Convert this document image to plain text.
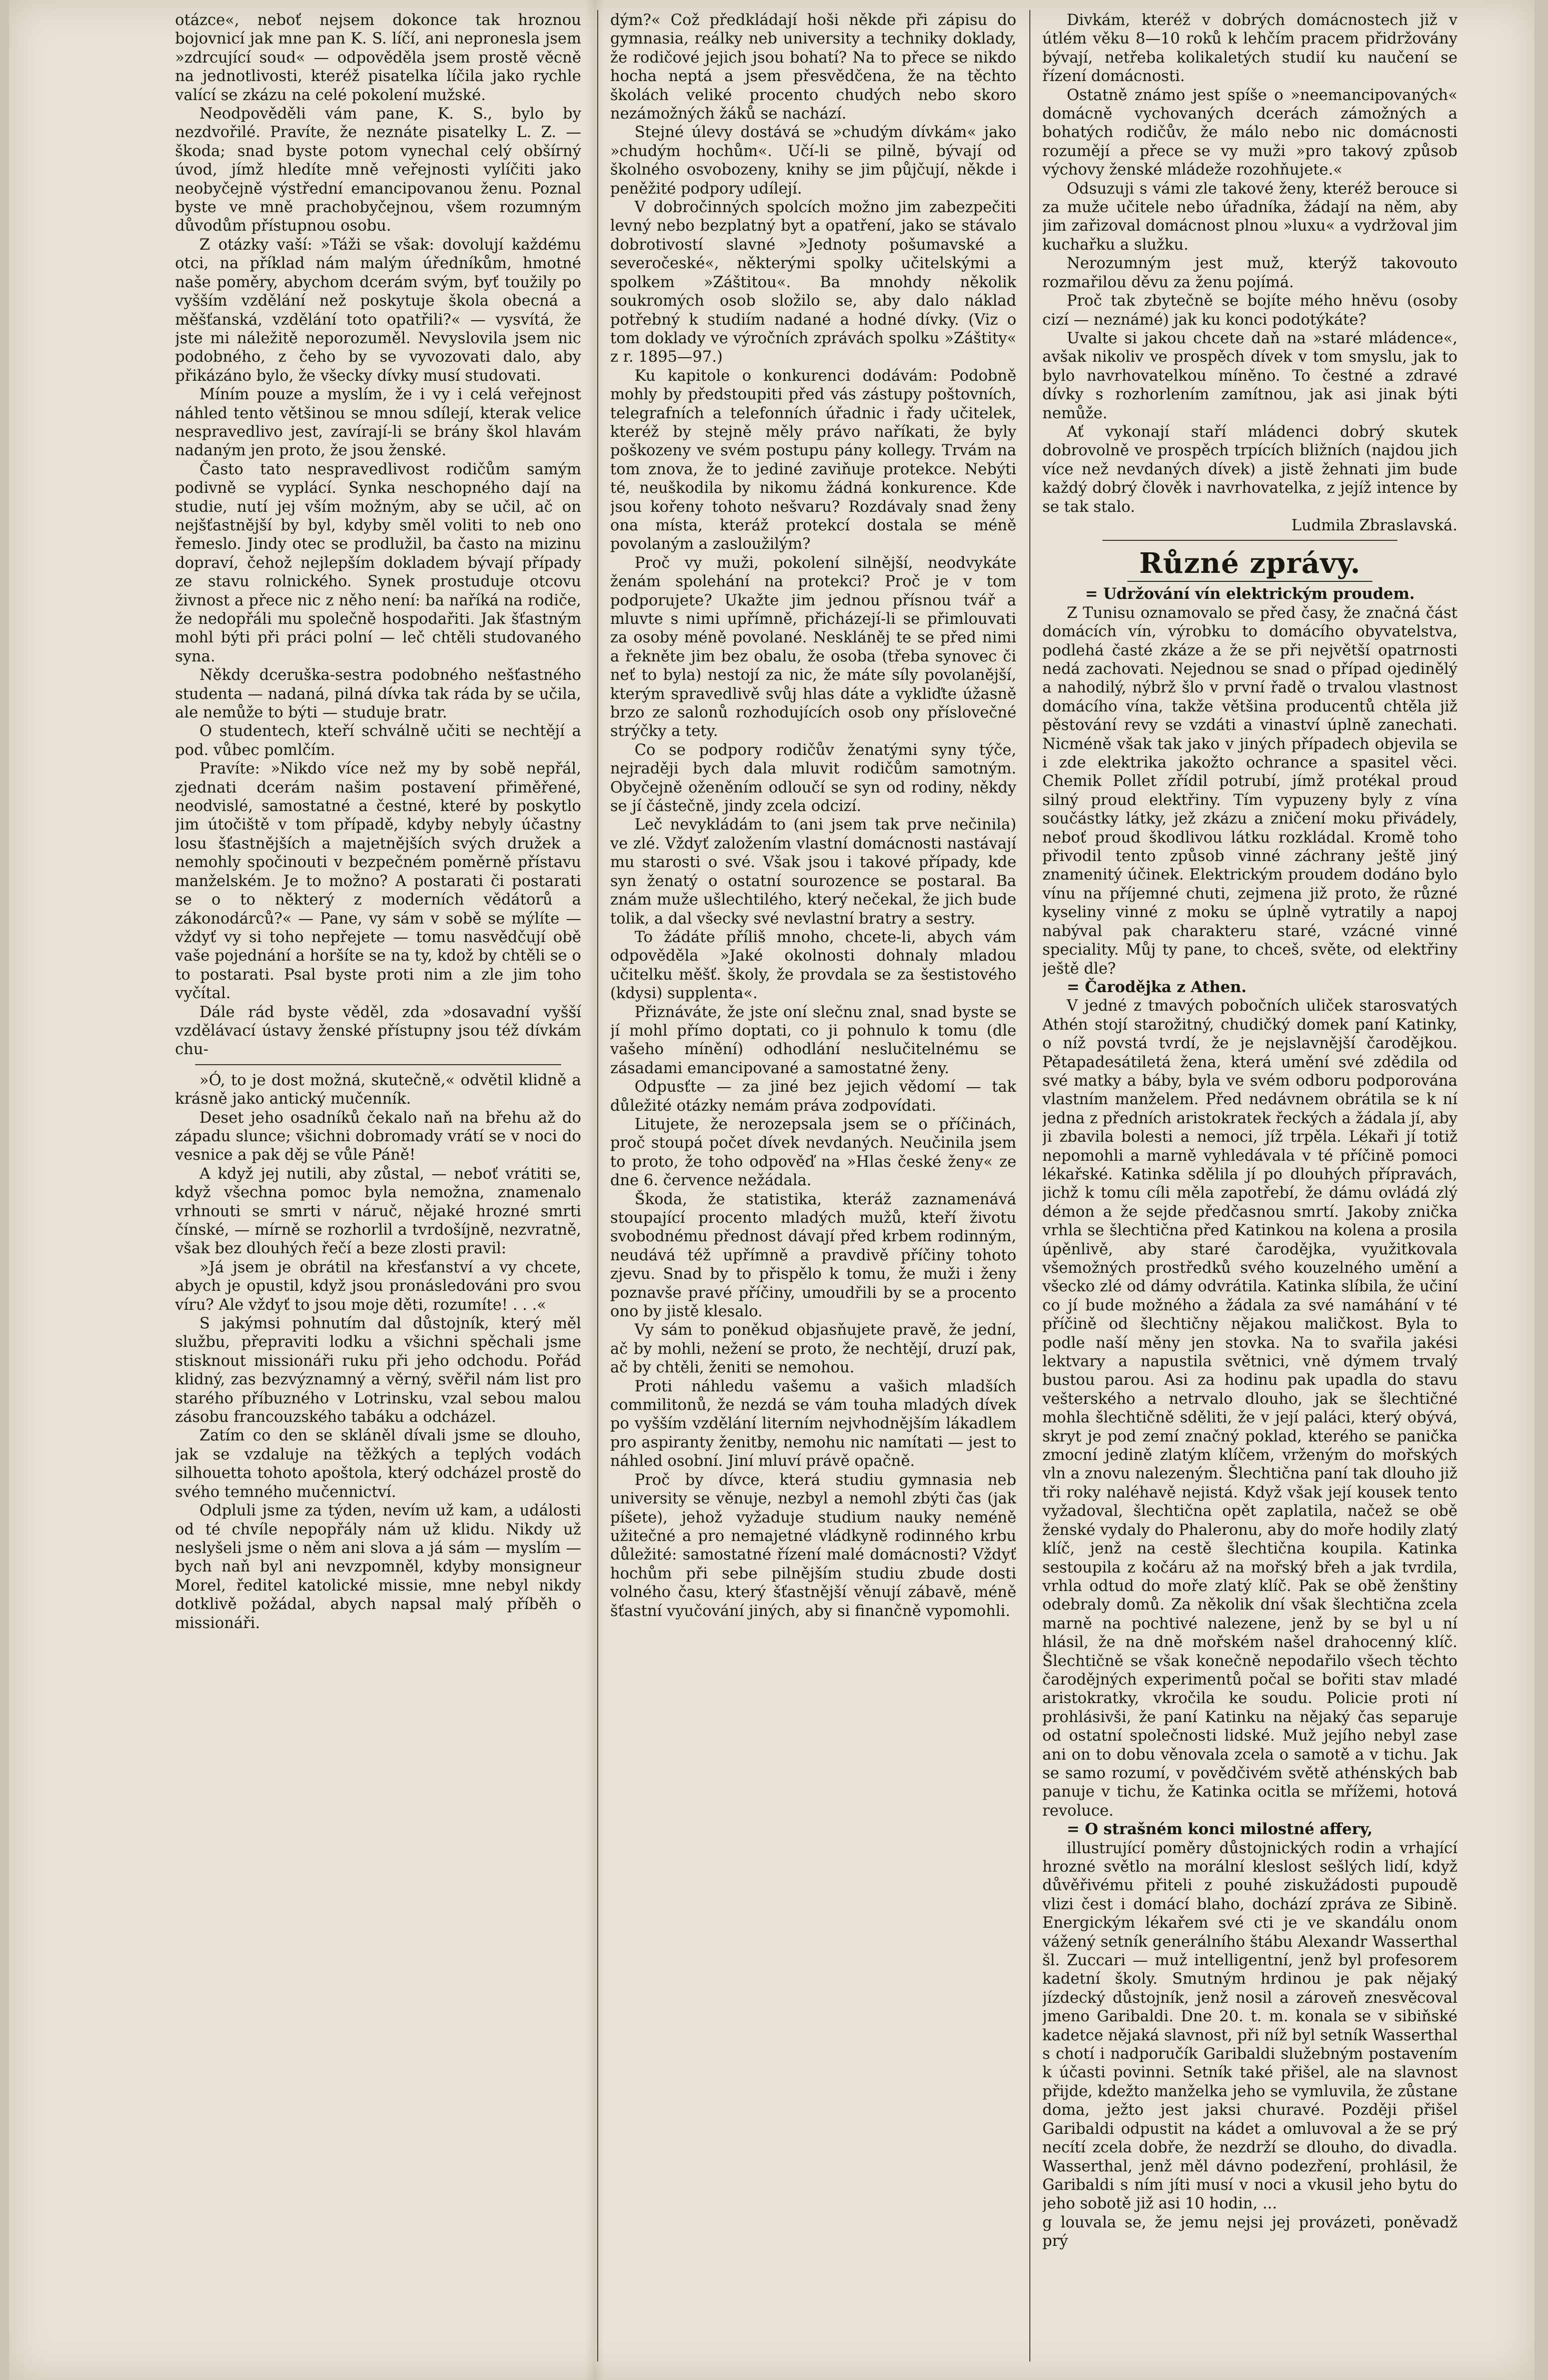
otázce«, neboť nejsem dokonce tak hroznou bojovnicí jak mne pan K. S. líčí, ani nepronesla jsem »zdrcující soud« — odpověděla jsem prostě věcně na jednotlivosti, kteréž pisatelka líčila jako rychle valící se zkázu na celé pokolení mužské.

Neodpověděli vám pane, K. S., bylo by nezdvořilé. Pravíte, že neznáte pisatelky L. Z. — škoda; snad byste potom vynechal celý obšírný úvod, jímž hledíte mně veřejnosti vylíčiti jako neobyčejně výstřední emancipovanou ženu. Poznal byste ve mně prachobyčejnou, všem rozumným důvodům přístupnou osobu.

Z otázky vaší: »Táži se však: dovolují každému otci, na příklad nám malým úředníkům, hmotné naše poměry, abychom dcerám svým, byť toužily po vyšším vzdělání než poskytuje škola obecná a měšťanská, vzdělání toto opatřili?« — vysvítá, že jste mi náležitě neporozuměl. Nevyslovila jsem nic podobného, z čeho by se vyvozovati dalo, aby přikázáno bylo, že všecky dívky musí studovati.

Míním pouze a myslím, že i vy i celá veřejnost náhled tento většinou se mnou sdílejí, kterak velice nespravedlivo jest, zavírají-li se brány škol hlavám nadaným jen proto, že jsou ženské.

Často tato nespravedlivost rodičům samým podivně se vyplácí. Synka neschopného dají na studie, nutí jej vším možným, aby se učil, ač on nejšťastnější by byl, kdyby směl voliti to neb ono řemeslo. Jindy otec se prodlužil, ba často na mizinu dopraví, čehož nejlepším dokladem bývají případy ze stavu rolnického. Synek prostuduje otcovu živnost a přece nic z něho není: ba naříká na rodiče, že nedopřáli mu společně hospodařiti. Jak šťastným mohl býti při práci polní — leč chtěli studovaného syna.

Někdy dceruška-sestra podobného nešťastného studenta — nadaná, pilná dívka tak ráda by se učila, ale nemůže to býti — studuje bratr.

O studentech, kteří schválně učiti se nechtějí a pod. vůbec pomlčím.

Pravíte: »Nikdo více než my by sobě nepřál, zjednati dcerám našim postavení přiměřené, neodvislé, samostatné a čestné, které by poskytlo jim útočiště v tom případě, kdyby nebyly účastny losu šťastnějších a majetnějších svých družek a nemohly spočinouti v bezpečném poměrně přístavu manželském. Je to možno? A postarati či postarati se o to některý z moderních vědátorů a zákonodárců?« — Pane, vy sám v sobě se mýlíte — vždyť vy si toho nepřejete — tomu nasvědčují obě vaše pojednání a horšíte se na ty, kdož by chtěli se o to postarati. Psal byste proti nim a zle jim toho vyčítal.

Dále rád byste věděl, zda »dosavadní vyšší vzdělávací ústavy ženské přístupny jsou též dívkám chu-

»Ó, to je dost možná, skutečně,« odvětil klidně a krásně jako antický mučenník.

Deset jeho osadníků čekalo naň na břehu až do západu slunce; všichni dobromady vrátí se v noci do vesnice a pak děj se vůle Páně!

A když jej nutili, aby zůstal, — neboť vrátiti se, když všechna pomoc byla nemožna, znamenalo vrhnouti se smrti v náruč, nějaké hrozné smrti čínské, — mírně se rozhorlil a tvrdošíjně, nezvratně, však bez dlouhých řečí a beze zlosti pravil:

»Já jsem je obrátil na křesťanství a vy chcete, abych je opustil, když jsou pronásledováni pro svou víru? Ale vždyť to jsou moje děti, rozumíte! . . .«

S jakýmsi pohnutím dal důstojník, který měl službu, přepraviti lodku a všichni spěchali jsme stisknout missionáři ruku při jeho odchodu. Pořád klidný, zas bezvýznamný a věrný, svěřil nám list pro starého příbuzného v Lotrinsku, vzal sebou malou zásobu francouzského tabáku a odcházel.

Zatím co den se skláněl dívali jsme se dlouho, jak se vzdaluje na těžkých a teplých vodách silhouetta tohoto apoštola, který odcházel prostě do svého temného mučennictví.

Odpluli jsme za týden, nevím už kam, a události od té chvíle nepopřály nám už klidu. Nikdy už neslyšeli jsme o něm ani slova a já sám — myslím — bych naň byl ani nevzpomněl, kdyby monsigneur Morel, ředitel katolické missie, mne nebyl nikdy dotklivě požádal, abych napsal malý příběh o missionáři.

dým?« Což předkládají hoši někde při zápisu do gymnasia, reálky neb university a techniky doklady, že rodičové jejich jsou bohatí? Na to přece se nikdo hocha neptá a jsem přesvědčena, že na těchto školách veliké procento chudých nebo skoro nezámožných žáků se nachází.

Stejné úlevy dostává se »chudým dívkám« jako »chudým hochům«. Učí-li se pilně, bývají od školného osvobozeny, knihy se jim půjčují, někde i peněžité podpory udílejí.

V dobročinných spolcích možno jim zabezpečiti levný nebo bezplatný byt a opatření, jako se stávalo dobrotivostí slavné »Jednoty pošumavské a severočeské«, některými spolky učitelskými a spolkem »Záštitou«. Ba mnohdy několik soukromých osob složilo se, aby dalo náklad potřebný k studiím nadané a hodné dívky. (Viz o tom doklady ve výročních zprávách spolku »Záštity« z r. 1895—97.)

Ku kapitole o konkurenci dodávám: Podobně mohly by předstoupiti před vás zástupy poštovních, telegrafních a telefonních úřadnic i řady učitelek, kteréž by stejně měly právo naříkati, že byly poškozeny ve svém postupu pány kollegy. Trvám na tom znova, že to jediné zaviňuje protekce. Nebýti té, neuškodila by nikomu žádná konkurence. Kde jsou kořeny tohoto nešvaru? Rozdávaly snad ženy ona místa, kteráž protekcí dostala se méně povolaným a zasloužilým?

Proč vy muži, pokolení silnější, neodvykáte ženám spolehání na protekci? Proč je v tom podporujete? Ukažte jim jednou přísnou tvář a mluvte s nimi upřímně, přicházejí-li se přimlouvati za osoby méně povolané. Neskláněj te se před nimi a řekněte jim bez obalu, že osoba (třeba synovec či neť to byla) nestojí za nic, že máte síly povolanější, kterým spravedlivě svůj hlas dáte a vykliďte úžasně brzo ze salonů rozhodujících osob ony příslovečné strýčky a tety.

Co se podpory rodičův ženatými syny týče, nejraději bych dala mluvit rodičům samotným. Obyčejně oženěním odloučí se syn od rodiny, někdy se jí částečně, jindy zcela odcizí.

Leč nevykládám to (ani jsem tak prve nečinila) ve zlé. Vždyť založením vlastní domácnosti nastávají mu starosti o své. Však jsou i takové případy, kde syn ženatý o ostatní sourozence se postaral. Ba znám muže ušlechtilého, který nečekal, že jich bude tolik, a dal všecky své nevlastní bratry a sestry.

To žádáte příliš mnoho, chcete-li, abych vám odpověděla »Jaké okolnosti dohnaly mladou učitelku měšť. školy, že provdala se za šestistového (kdysi) supplenta«.

Přiznáváte, že jste oní slečnu znal, snad byste se jí mohl přímo doptati, co ji pohnulo k tomu (dle vašeho mínění) odhodlání neslučitelnému se zásadami emancipované a samostatné ženy.

Odpusťte — za jiné bez jejich vědomí — tak důležité otázky nemám práva zodpovídati.

Litujete, že nerozepsala jsem se o příčinách, proč stoupá počet dívek nevdaných. Neučinila jsem to proto, že toho odpověď na »Hlas české ženy« ze dne 6. července nežádala.

Škoda, že statistika, kteráž zaznamenává stoupající procento mladých mužů, kteří životu svobodnému přednost dávají před krbem rodinným, neudává též upřímně a pravdivě příčiny tohoto zjevu. Snad by to přispělo k tomu, že muži i ženy poznavše pravé příčiny, umoudřili by se a procento ono by jistě klesalo.

Vy sám to poněkud objasňujete pravě, že jední, ač by mohli, nežení se proto, že nechtějí, druzí pak, ač by chtěli, ženiti se nemohou.

Proti náhledu vašemu a vašich mladších commilitonů, že nezdá se vám touha mladých dívek po vyšším vzdělání literním nejvhodnějším lákadlem pro aspiranty ženitby, nemohu nic namítati — jest to náhled osobní. Jiní mluví právě opačně.

Proč by dívce, která studiu gymnasia neb university se věnuje, nezbyl a nemohl zbýti čas (jak píšete), jehož vyžaduje studium nauky neméně užitečné a pro nemajetné vládkyně rodinného krbu důležité: samostatné řízení malé domácnosti? Vždyť hochům při sebe pilnějším studiu zbude dosti volného času, který šťastnější věnují zábavě, méně šťastní vyučování jiných, aby si finančně vypomohli.

Divkám, kteréž v dobrých domácnostech již v útlém věku 8—10 roků k lehčím pracem přidržovány bývají, netřeba kolikaletých studií ku naučení se řízení domácnosti.

Ostatně známo jest spíše o »neemancipovaných« domácně vychovaných dcerách zámožných a bohatých rodičův, že málo nebo nic domácnosti rozumějí a přece se vy muži »pro takový způsob výchovy ženské mládeže rozohňujete.«

Odsuzuji s vámi zle takové ženy, kteréž berouce si za muže učitele nebo úřadníka, žádají na něm, aby jim zařizoval domácnost plnou »luxu« a vydržoval jim kuchařku a služku.

Nerozumným jest muž, kterýž takovouto rozmařilou děvu za ženu pojímá.

Proč tak zbytečně se bojíte mého hněvu (osoby cizí — neznámé) jak ku konci podotýkáte?

Uvalte si jakou chcete daň na »staré mládence«, avšak nikoliv ve prospěch dívek v tom smyslu, jak to bylo navrhovatelkou míněno. To čestné a zdravé dívky s rozhorlením zamítnou, jak asi jinak býti nemůže.

Ať vykonají staří mládenci dobrý skutek dobrovolně ve prospěch trpících bližních (najdou jich více než nevdaných dívek) a jistě žehnati jim bude každý dobrý člověk i navrhovatelka, z jejíž intence by se tak stalo.

Ludmila Zbraslavská.

Různé zprávy.

= Udržování vín elektrickým proudem.

Z Tunisu oznamovalo se před časy, že značná část domácích vín, výrobku to domácího obyvatelstva, podlehá časté zkáze a že se při největší opatrnosti nedá zachovati. Nejednou se snad o případ ojedinělý a nahodilý, nýbrž šlo v první řadě o trvalou vlastnost domácího vína, takže většina producentů chtěla již pěstování revy se vzdáti a vinaství úplně zanechati. Nicméně však tak jako v jiných případech objevila se i zde elektrika jakožto ochrance a spasitel věci. Chemik Pollet zřídil potrubí, jímž protékal proud silný proud elektřiny. Tím vypuzeny byly z vína součástky látky, jež zkázu a zničení moku přivádely, neboť proud škodlivou látku rozkládal. Kromě toho přivodil tento způsob vinné záchrany ještě jiný znamenitý účinek. Elektrickým proudem dodáno bylo vínu na příjemné chuti, zejmena již proto, že různé kyseliny vinné z moku se úplně vytratily a napoj nabýval pak charakteru staré, vzácné vinné speciality. Můj ty pane, to chceš, světe, od elektřiny ještě dle?

= Čarodějka z Athen.

V jedné z tmavých pobočních uliček starosvatých Athén stojí starožitný, chudičký domek paní Katinky, o níž povstá tvrdí, že je nejslavnější čarodějkou. Pětapadesátiletá žena, která umění své zdědila od své matky a báby, byla ve svém odboru podporována vlastním manželem. Před nedávnem obrátila se k ní jedna z předních aristokratek řeckých a žádala jí, aby ji zbavila bolesti a nemoci, jíž trpěla. Lékaři jí totiž nepomohli a marně vyhledávala v té příčině pomoci lékařské. Katinka sdělila jí po dlouhých přípravách, jichž k tomu cíli měla zapotřebí, že dámu ovládá zlý démon a že sejde předčasnou smrtí. Jakoby znička vrhla se šlechtična před Katinkou na kolena a prosila úpěnlivě, aby staré čarodějka, využitkovala všemožných prostředků svého kouzelného umění a všecko zlé od dámy odvrátila. Katinka slíbila, že učiní co jí bude možného a žádala za své namáhání v té příčině od šlechtičny nějakou maličkost. Byla to podle naší měny jen stovka. Na to svařila jakési lektvary a napustila světnici, vně dýmem trvalý bustou parou. Asi za hodinu pak upadla do stavu vešterského a netrvalo dlouho, jak se šlechtičné mohla šlechtičně sděliti, že v její paláci, který obývá, skryt je pod zemí značný poklad, kterého se panička zmocní jedině zlatým klíčem, vrženým do mořských vln a znovu nalezeným. Šlechtična paní tak dlouho již tři roky naléhavě nejistá. Když však její kousek tento vyžadoval, šlechtična opět zaplatila, načež se obě ženské vydaly do Phaleronu, aby do moře hodily zlatý klíč, jenž na cestě šlechtična koupila. Katinka sestoupila z kočáru až na mořský břeh a jak tvrdila, vrhla odtud do moře zlatý klíč. Pak se obě ženštiny odebraly domů. Za několik dní však šlechtična zcela marně na pochtivé nalezene, jenž by se byl u ní hlásil, že na dně mořském našel drahocenný klíč. Šlechtičně se však konečně nepodařilo všech těchto čarodějných experimentů počal se bořiti stav mladé aristokratky, vkročila ke soudu. Policie proti ní prohlásivši, že paní Katinku na nějaký čas separuje od ostatní společnosti lidské. Muž jejího nebyl zase ani on to dobu věnovala zcela o samotě a v tichu. Jak se samo rozumí, v povědčivém světě athénských bab panuje v tichu, že Katinka ocitla se mřížemi, hotová revoluce.

= O strašném konci milostné affery,

illustrující poměry důstojnických rodin a vrhající hrozné světlo na morální kleslost sešlých lidí, když důvěřivému přiteli z pouhé ziskužádosti pupoudě vlizi čest i domácí blaho, dochází zpráva ze Sibině. Energickým lékařem své cti je ve skandálu onom vážený setník generálního štábu Alexandr Wasserthal šl. Zuccari — muž intelligentní, jenž byl profesorem kadetní školy. Smutným hrdinou je pak nějaký jízdecký důstojník, jenž nosil a zároveň znesvěcoval jmeno Garibaldi. Dne 20. t. m. konala se v sibiňské kadetce nějaká slavnost, při níž byl setník Wasserthal s chotí i nadporučík Garibaldi služebným postavením k účasti povinni. Setník také přišel, ale na slavnost přijde, kdežto manželka jeho se vymluvila, že zůstane doma, ježto jest jaksi churavé. Později přišel Garibaldi odpustit na kádet a omluvoval a že se prý necítí zcela dobře, že nezdrží se dlouho, do divadla. Wasserthal, jenž měl dávno podezření, prohlásil, že Garibaldi s ním jíti musí v noci a vkusil jeho bytu do jeho sobotě již asi 10 hodin, ...

g louvala se, že jemu nejsi jej provázeti, poněvadž prý
